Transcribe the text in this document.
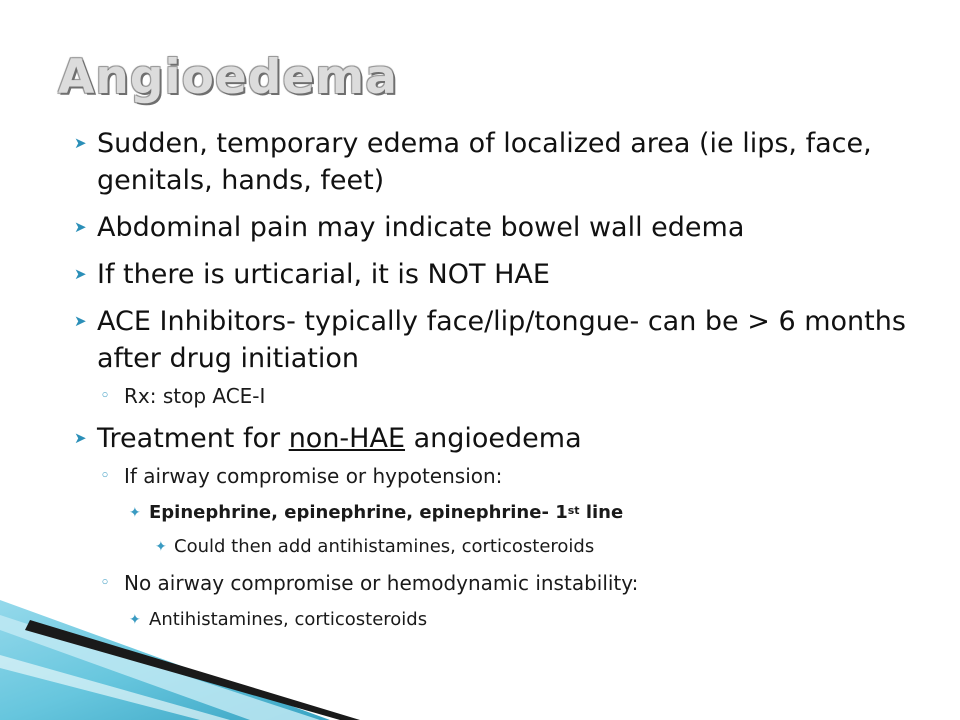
Angioedema
➤ Sudden, temporary edema of localized area (ie lips, face, genitals, hands, feet)
➤ Abdominal pain may indicate bowel wall edema
➤ If there is urticarial, it is NOT HAE
➤ ACE Inhibitors- typically face/lip/tongue- can be > 6 months after drug initiation
◦ Rx: stop ACE-I
➤ Treatment for non-HAE angioedema
◦ If airway compromise or hypotension:
✦ Epinephrine, epinephrine, epinephrine- 1st line
✦ Could then add antihistamines, corticosteroids
◦ No airway compromise or hemodynamic instability:
✦ Antihistamines, corticosteroids
